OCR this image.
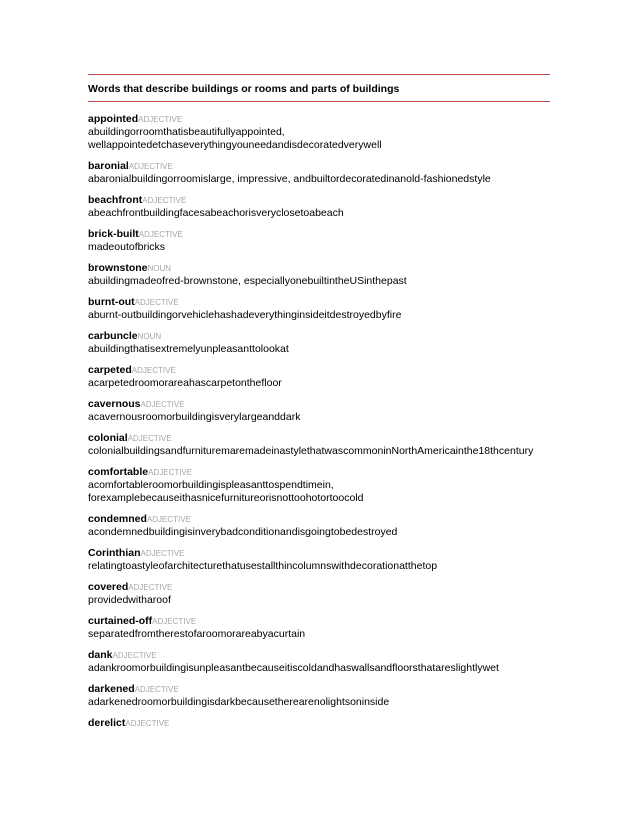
Words that describe buildings or rooms and parts of buildings
appointedADJECTIVE
abuildingorroomthatisbeautifullyappointed,
wellappointedetchaseverythingyouneedandisdecoratedverywell
baronialADJECTIVE
abaronialbuildingorroomislarge, impressive, andbuiltordecoratedinanold-fashionedstyle
beachfrontADJECTIVE
abeachfrontbuildingfacesabeachorisveryclosetoabeach
brick-builtADJECTIVE
madeoutofbricks
brownstoneNOUN
abuildingmadeofred-brownstone, especiallyonebuiltintheUSinthepast
burnt-outADJECTIVE
aburnt-outbuildingorvehiclehashadeverythinginsideitdestroyedbyfire
carbuncleNOUN
abuildingthatisextremelyunpleasanttolookat
carpetedADJECTIVE
acarpetedroomorareahascarpetonthefloor
cavernousADJECTIVE
acavernousroomorbuildingisverylargeanddark
colonialADJECTIVE
colonialbuildingsandfurnituremaremadeinastylethatwascommoninNorthAmericainthe18thcentury
comfortableADJECTIVE
acomfortableroomorbuildingispleasanttospendtimein,
forexamplebecauseithasnicefurnitureorisnottoohotortoocold
condemnedADJECTIVE
acondemnedbuildingisinverybadconditionandisgoingtobedestroyed
CorinthianADJECTIVE
relatingtoastyleofarchitecturethatusestallthincolumnswithdecorationatthetop
coveredADJECTIVE
providedwitharoof
curtained-offADJECTIVE
separatedfromtherestofaroomorareabyacurtain
dankADJECTIVE
adankroomorbuildingisunpleasantbecauseitiscoldandhaswallsandfloorsthatareslightlywet
darkenedADJECTIVE
adarkenedroomorbuildingisdarkbecausetherearenolightsoninside
derelictADJECTIVE
